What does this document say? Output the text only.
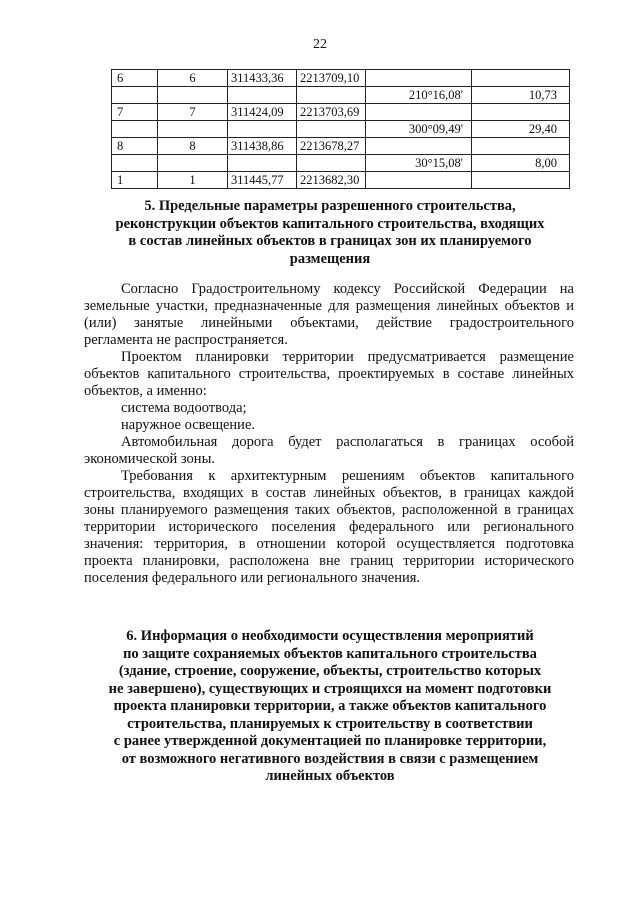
22
6	6	311433,36	2213709,10		
				210°16,08'	10,73
7	7	311424,09	2213703,69		
				300°09,49'	29,40
8	8	311438,86	2213678,27		
				30°15,08'	8,00
1	1	311445,77	2213682,30		
5. Предельные параметры разрешенного строительства,
реконструкции объектов капитального строительства, входящих
в состав линейных объектов в границах зон их планируемого
размещения

Согласно Градостроительному кодексу Российской Федерации на земельные участки, предназначенные для размещения линейных объектов и (или) занятые линейными объектами, действие градостроительного регламента не распространяется.

Проектом планировки территории предусматривается размещение объектов капитального строительства, проектируемых в составе линейных объектов, а именно:

система водоотвода;

наружное освещение.

Автомобильная дорога будет располагаться в границах особой экономической зоны.

Требования к архитектурным решениям объектов капитального строительства, входящих в состав линейных объектов, в границах каждой зоны планируемого размещения таких объектов, расположенной в границах территории исторического поселения федерального или регионального значения: территория, в отношении которой осуществляется подготовка проекта планировки, расположена вне границ территории исторического поселения федерального или регионального значения.

6. Информация о необходимости осуществления мероприятий
по защите сохраняемых объектов капитального строительства
(здание, строение, сооружение, объекты, строительство которых
не завершено), существующих и строящихся на момент подготовки
проекта планировки территории, а также объектов капитального
строительства, планируемых к строительству в соответствии
с ранее утвержденной документацией по планировке территории,
от возможного негативного воздействия в связи с размещением
линейных объектов
